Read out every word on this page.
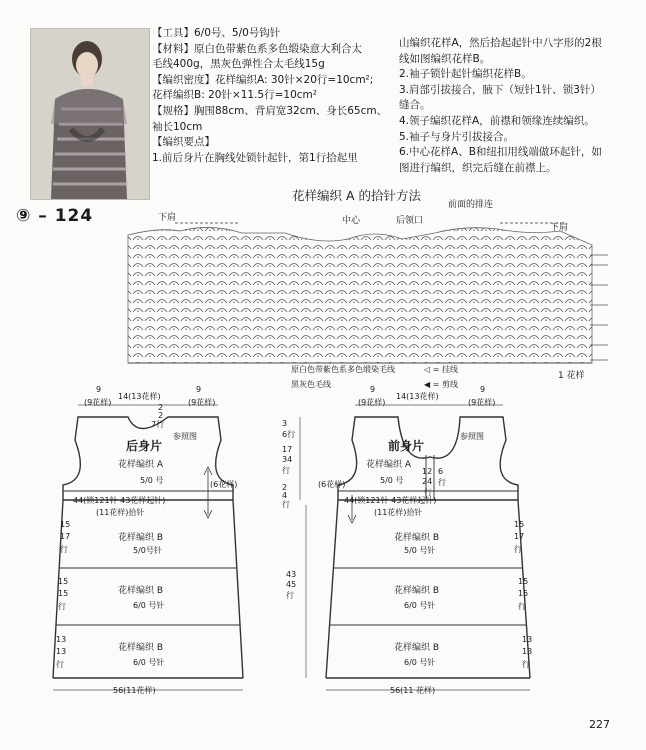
【工具】6/0号、5/0号钩针
【材料】原白色带紫色系多色缎染意大利合太
毛线400g，黑灰色弹性合太毛线15g
【编织密度】花样编织A: 30针×20行=10cm²;
花样编织B: 20针×11.5行=10cm²
【规格】胸围88cm、背肩宽32cm、身长65cm、
袖长10cm
【编织要点】
1.前后身片在胸线处锁针起针，第1行拾起里
山编织花样A，然后拾起起针中八字形的2根
线如图编织花样B。
2.袖子锁针起针编织花样B。
3.肩部引拔接合，腋下（短针1针、锁3针）
缝合。
4.领子编织花样A，前襟和领缘连续编织。
5.袖子与身片引拔接合。
6.中心花样A、B和纽扣用线端做环起针，如
图进行编织，织完后缝在前襟上。
⑨ – 124
花样编织 A 的拾针方法
下肩	中心	后领口
前面的排连
下肩
1 花样
原白色带紫色系多色缎染毛线	◁ = 挂线
黑灰色毛线	◀ = 剪线
后身片
参照图
14(13花样)
9
(9花样)
9
(9花样)
2
2
7行
花样编织 A
5/0 号	(6花样)
44(锁121针 43花样起针)
(11花样)拾针
花样编织 B
5/0号针
花样编织 B
6/0 号针
花样编织 B
6/0 号针
15
17
行
15
15
行
13
13
行
56(11花样)
前身片
参照图
14(13花样)
9
(9花样)
9
(9花样)
花样编织 A
5/0 号
(6花样)
44(锁121针 43花样起针)
(11花样)拾针
花样编织 B
5/0 号针
花样编织 B
6/0 号针
花样编织 B
6/0 号针
3
6行
17
34
行
2
4
行
12
24
行
6
行
43
45
行
15
17
行
15
15
行
13
13
行
56(11 花样)
227
